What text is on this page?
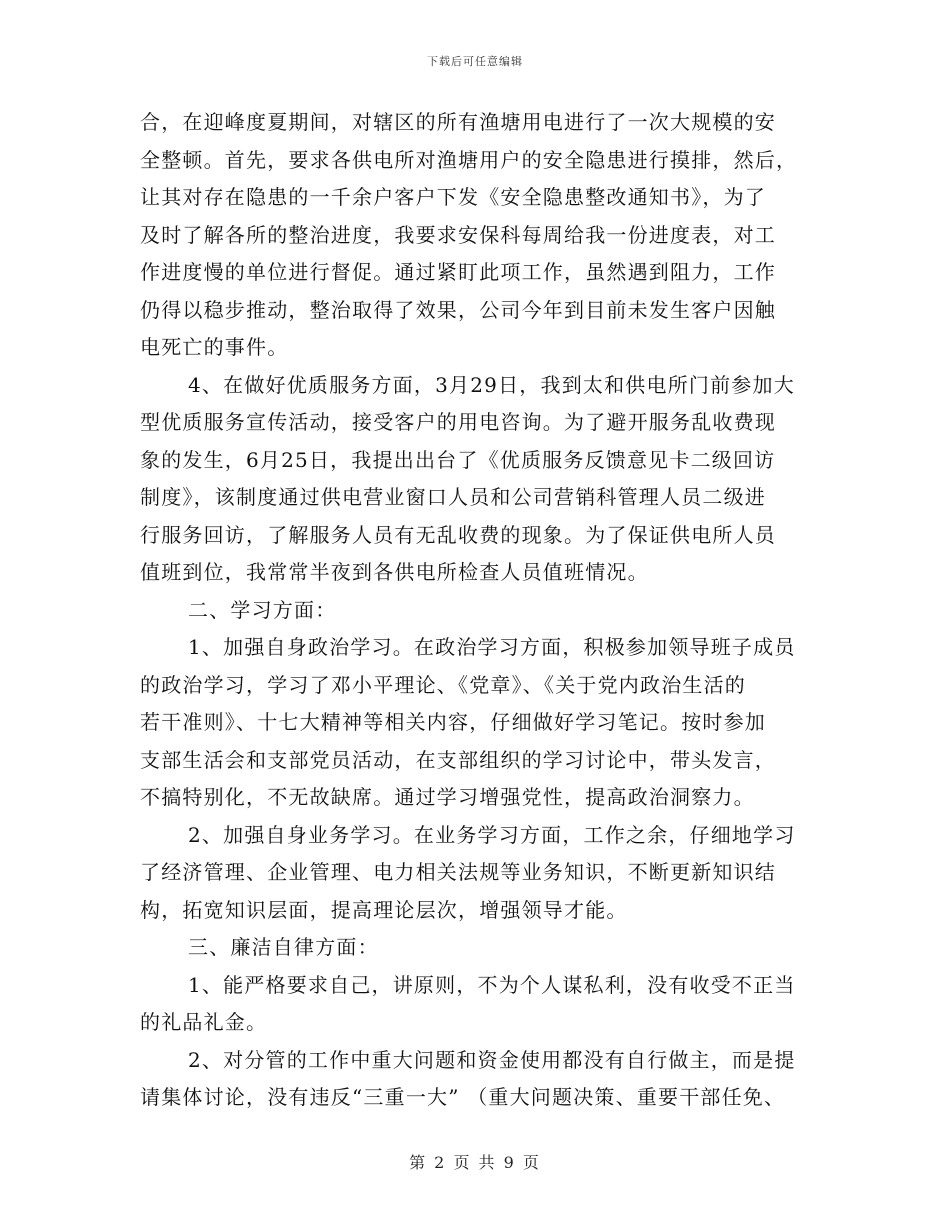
下载后可任意编辑
合，在迎峰度夏期间，对辖区的所有渔塘用电进行了一次大规模的安
全整顿。首先，要求各供电所对渔塘用户的安全隐患进行摸排，然后，
让其对存在隐患的一千余户客户下发《安全隐患整改通知书》，为了
及时了解各所的整治进度，我要求安保科每周给我一份进度表，对工
作进度慢的单位进行督促。通过紧盯此项工作，虽然遇到阻力，工作
仍得以稳步推动，整治取得了效果，公司今年到目前未发生客户因触
电死亡的事件。
4、在做好优质服务方面，3月29日，我到太和供电所门前参加大
型优质服务宣传活动，接受客户的用电咨询。为了避开服务乱收费现
象的发生，6月25日，我提出出台了《优质服务反馈意见卡二级回访
制度》，该制度通过供电营业窗口人员和公司营销科管理人员二级进
行服务回访，了解服务人员有无乱收费的现象。为了保证供电所人员
值班到位，我常常半夜到各供电所检查人员值班情况。
二、学习方面：
1、加强自身政治学习。在政治学习方面，积极参加领导班子成员
的政治学习，学习了邓小平理论、《党章》、《关于党内政治生活的
若干准则》、十七大精神等相关内容，仔细做好学习笔记。按时参加
支部生活会和支部党员活动，在支部组织的学习讨论中，带头发言，
不搞特别化，不无故缺席。通过学习增强党性，提高政治洞察力。
2、加强自身业务学习。在业务学习方面，工作之余，仔细地学习
了经济管理、企业管理、电力相关法规等业务知识，不断更新知识结
构，拓宽知识层面，提高理论层次，增强领导才能。
三、廉洁自律方面：
1、能严格要求自己，讲原则，不为个人谋私利，没有收受不正当
的礼品礼金。
2、对分管的工作中重大问题和资金使用都没有自行做主，而是提
请集体讨论，没有违反“三重一大” （重大问题决策、重要干部任免、
第 2 页 共 9 页
